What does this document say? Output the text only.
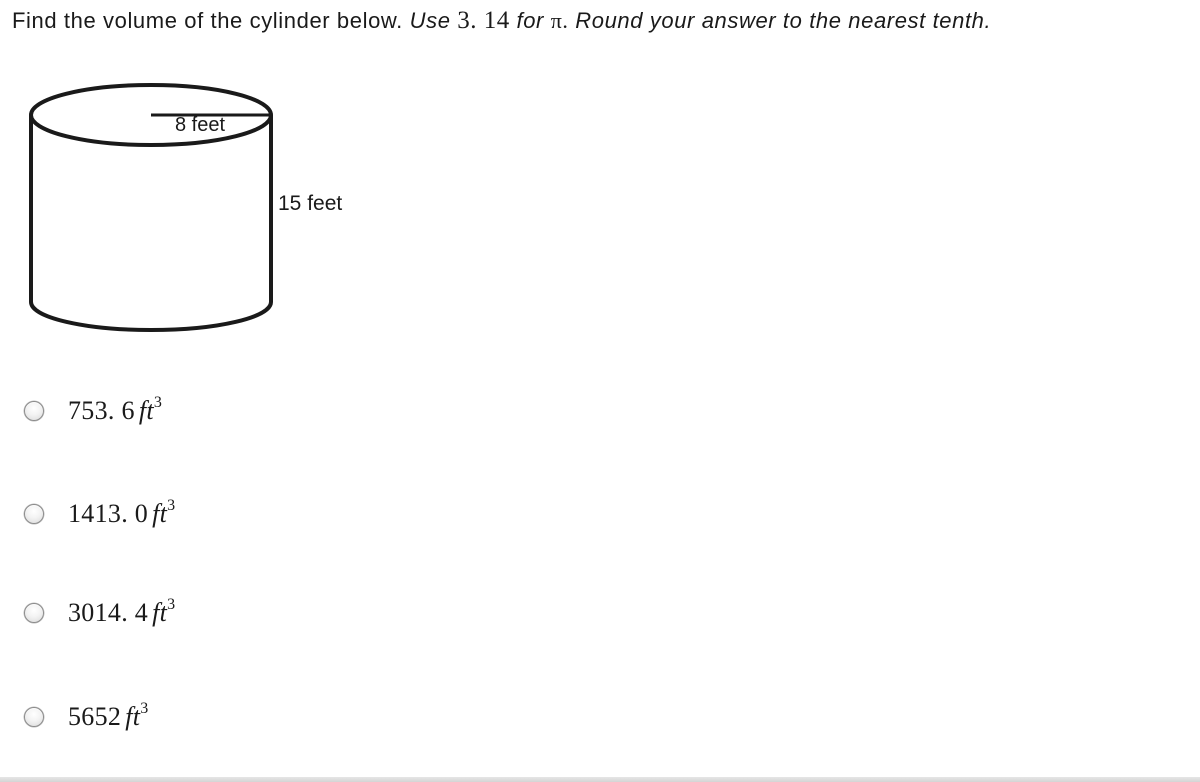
Find the volume of the cylinder below. Use 3. 14 for π. Round your answer to the nearest tenth.
8 feet
15 feet
753. 6 $ft^3$
1413. 0 $ft^3$
3014. 4 $ft^3$
5652 $ft^3$
